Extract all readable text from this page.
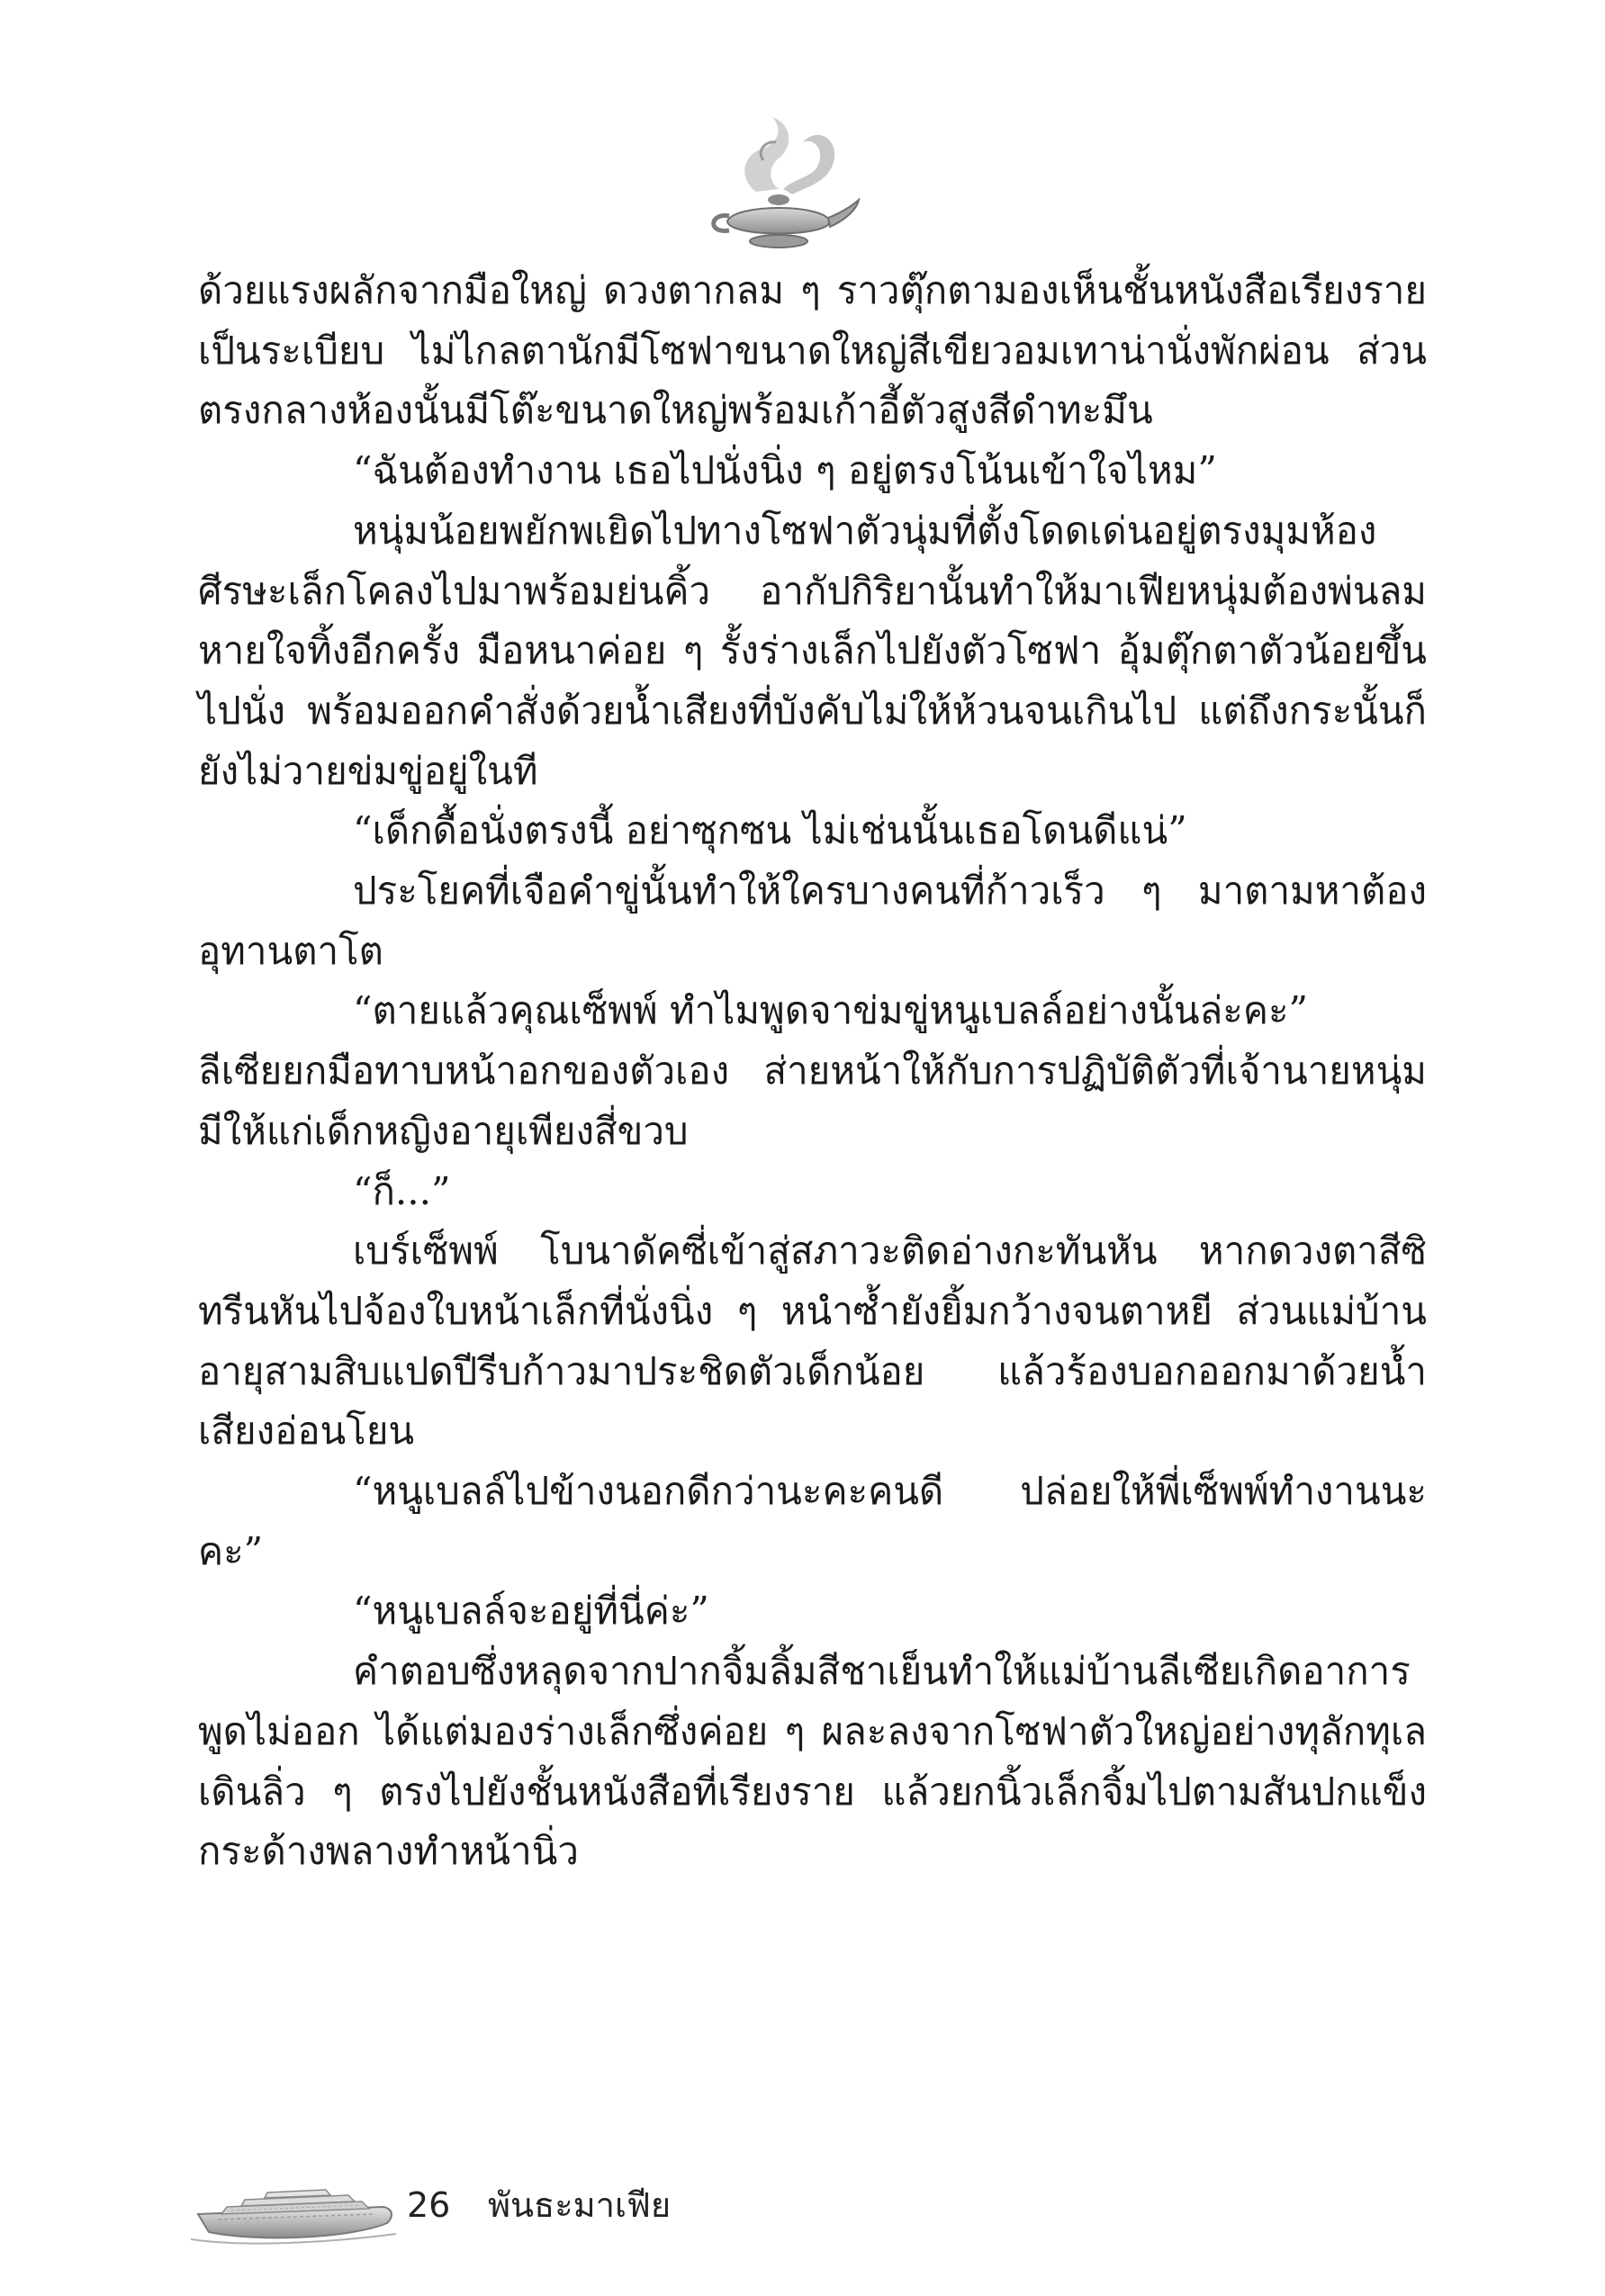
ด้วยแรงผลักจากมือใหญ่ ดวงตากลม ๆ ราวตุ๊กตามองเห็นชั้นหนังสือเรียงรายเป็นระเบียบ ไม่ไกลตานักมีโซฟาขนาดใหญ่สีเขียวอมเทาน่านั่งพักผ่อน ส่วนตรงกลางห้องนั้นมีโต๊ะขนาดใหญ่พร้อมเก้าอี้ตัวสูงสีดำทะมึน

“ฉันต้องทำงาน เธอไปนั่งนิ่ง ๆ อยู่ตรงโน้นเข้าใจไหม”

หนุ่มน้อยพยักพเยิดไปทางโซฟาตัวนุ่มที่ตั้งโดดเด่นอยู่ตรงมุมห้อง ศีรษะเล็กโคลงไปมาพร้อมย่นคิ้ว อากัปกิริยานั้นทำให้มาเฟียหนุ่มต้องพ่นลมหายใจทิ้งอีกครั้ง มือหนาค่อย ๆ รั้งร่างเล็กไปยังตัวโซฟา อุ้มตุ๊กตาตัวน้อยขึ้นไปนั่ง พร้อมออกคำสั่งด้วยน้ำเสียงที่บังคับไม่ให้ห้วนจนเกินไป แต่ถึงกระนั้นก็ยังไม่วายข่มขู่อยู่ในที

“เด็กดื้อนั่งตรงนี้ อย่าซุกซน ไม่เช่นนั้นเธอโดนดีแน่”

ประโยคที่เจือคำขู่นั้นทำให้ใครบางคนที่ก้าวเร็ว ๆ มาตามหาต้องอุทานตาโต

“ตายแล้วคุณเซ็พพ์ ทำไมพูดจาข่มขู่หนูเบลล์อย่างนั้นล่ะคะ”

ลีเซียยกมือทาบหน้าอกของตัวเอง ส่ายหน้าให้กับการปฏิบัติตัวที่เจ้านายหนุ่มมีให้แก่เด็กหญิงอายุเพียงสี่ขวบ

“ก็...”

เบร์เซ็พพ์ โบนาดัคซี่เข้าสู่สภาวะติดอ่างกะทันหัน หากดวงตาสีซิทรีนหันไปจ้องใบหน้าเล็กที่นั่งนิ่ง ๆ หนำซ้ำยังยิ้มกว้างจนตาหยี ส่วนแม่บ้านอายุสามสิบแปดปีรีบก้าวมาประชิดตัวเด็กน้อย แล้วร้องบอกออกมาด้วยน้ำเสียงอ่อนโยน

“หนูเบลล์ไปข้างนอกดีกว่านะคะคนดี ปล่อยให้พี่เซ็พพ์ทำงานนะคะ”

“หนูเบลล์จะอยู่ที่นี่ค่ะ”

คำตอบซึ่งหลุดจากปากจิ้มลิ้มสีชาเย็นทำให้แม่บ้านลีเซียเกิดอาการพูดไม่ออก ได้แต่มองร่างเล็กซึ่งค่อย ๆ ผละลงจากโซฟาตัวใหญ่อย่างทุลักทุเล เดินลิ่ว ๆ ตรงไปยังชั้นหนังสือที่เรียงราย แล้วยกนิ้วเล็กจิ้มไปตามสันปกแข็งกระด้างพลางทำหน้านิ่ว

26 พันธะมาเฟีย
